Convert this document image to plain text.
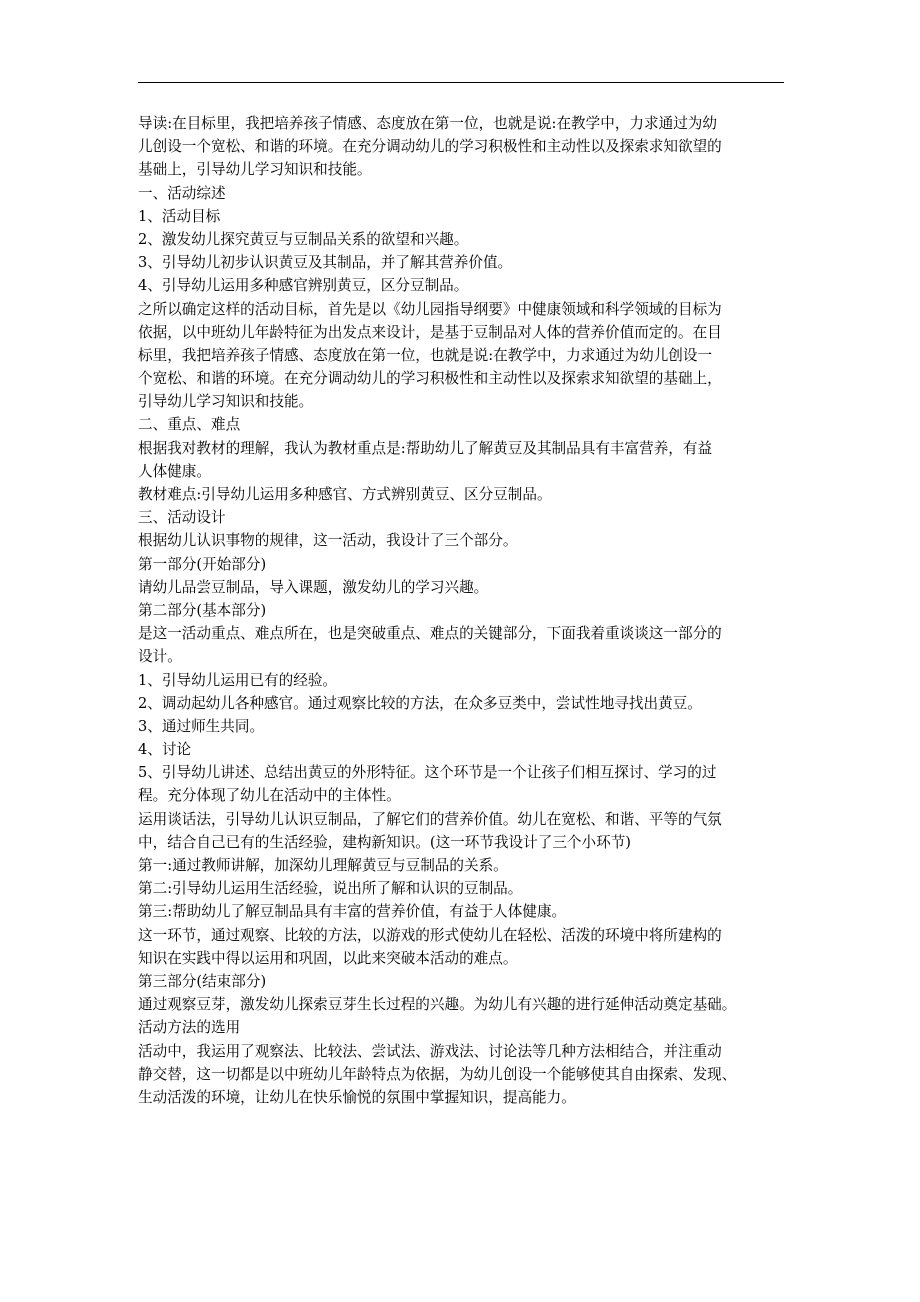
导读:在目标里，我把培养孩子情感、态度放在第一位，也就是说:在教学中，力求通过为幼
儿创设一个宽松、和谐的环境。在充分调动幼儿的学习积极性和主动性以及探索求知欲望的
基础上，引导幼儿学习知识和技能。
一、活动综述
1、活动目标
2、激发幼儿探究黄豆与豆制品关系的欲望和兴趣。
3、引导幼儿初步认识黄豆及其制品，并了解其营养价值。
4、引导幼儿运用多种感官辨别黄豆，区分豆制品。
之所以确定这样的活动目标，首先是以《幼儿园指导纲要》中健康领域和科学领域的目标为
依据，以中班幼儿年龄特征为出发点来设计，是基于豆制品对人体的营养价值而定的。在目
标里，我把培养孩子情感、态度放在第一位，也就是说:在教学中，力求通过为幼儿创设一
个宽松、和谐的环境。在充分调动幼儿的学习积极性和主动性以及探索求知欲望的基础上，
引导幼儿学习知识和技能。
二、重点、难点
根据我对教材的理解，我认为教材重点是:帮助幼儿了解黄豆及其制品具有丰富营养，有益
人体健康。
教材难点:引导幼儿运用多种感官、方式辨别黄豆、区分豆制品。
三、活动设计
根据幼儿认识事物的规律，这一活动，我设计了三个部分。
第一部分(开始部分)
请幼儿品尝豆制品，导入课题，激发幼儿的学习兴趣。
第二部分(基本部分)
是这一活动重点、难点所在，也是突破重点、难点的关键部分，下面我着重谈谈这一部分的
设计。
1、引导幼儿运用已有的经验。
2、调动起幼儿各种感官。通过观察比较的方法，在众多豆类中，尝试性地寻找出黄豆。
3、通过师生共同。
4、讨论
5、引导幼儿讲述、总结出黄豆的外形特征。这个环节是一个让孩子们相互探讨、学习的过
程。充分体现了幼儿在活动中的主体性。
运用谈话法，引导幼儿认识豆制品，了解它们的营养价值。幼儿在宽松、和谐、平等的气氛
中，结合自己已有的生活经验，建构新知识。(这一环节我设计了三个小环节)
第一:通过教师讲解，加深幼儿理解黄豆与豆制品的关系。
第二:引导幼儿运用生活经验，说出所了解和认识的豆制品。
第三:帮助幼儿了解豆制品具有丰富的营养价值，有益于人体健康。
这一环节，通过观察、比较的方法，以游戏的形式使幼儿在轻松、活泼的环境中将所建构的
知识在实践中得以运用和巩固，以此来突破本活动的难点。
第三部分(结束部分)
通过观察豆芽，激发幼儿探索豆芽生长过程的兴趣。为幼儿有兴趣的进行延伸活动奠定基础。
活动方法的选用
活动中，我运用了观察法、比较法、尝试法、游戏法、讨论法等几种方法相结合，并注重动
静交替，这一切都是以中班幼儿年龄特点为依据，为幼儿创设一个能够使其自由探索、发现、
生动活泼的环境，让幼儿在快乐愉悦的氛围中掌握知识，提高能力。
